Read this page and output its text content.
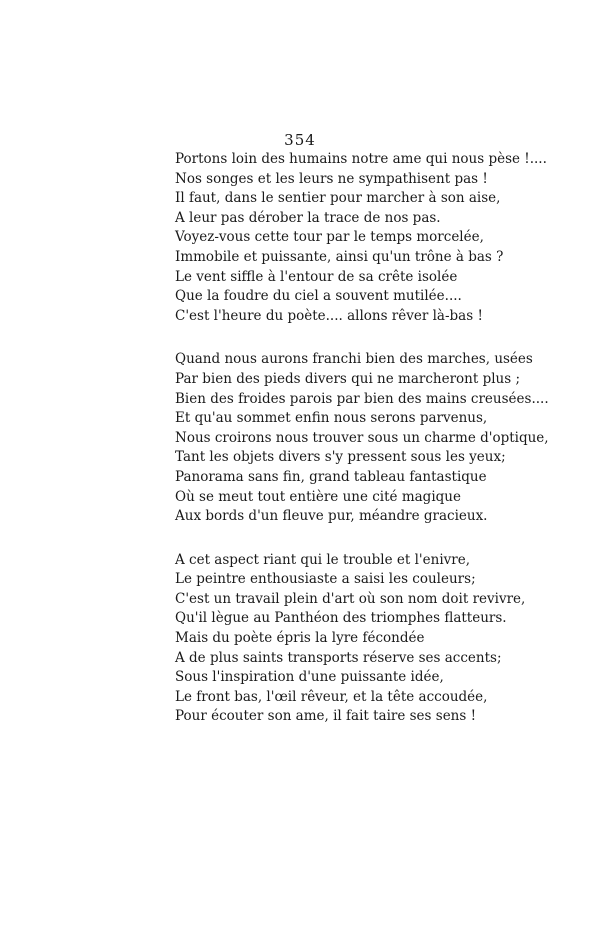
354
Portons loin des humains notre ame qui nous pèse !....
Nos songes et les leurs ne sympathisent pas !
Il faut, dans le sentier pour marcher à son aise,
A leur pas dérober la trace de nos pas.
Voyez-vous cette tour par le temps morcelée,
Immobile et puissante, ainsi qu'un trône à bas ?
Le vent siffle à l'entour de sa crête isolée
Que la foudre du ciel a souvent mutilée....
C'est l'heure du poète.... allons rêver là-bas !
Quand nous aurons franchi bien des marches, usées
Par bien des pieds divers qui ne marcheront plus ;
Bien des froides parois par bien des mains creusées....
Et qu'au sommet enfin nous serons parvenus,
Nous croirons nous trouver sous un charme d'optique,
Tant les objets divers s'y pressent sous les yeux;
Panorama sans fin, grand tableau fantastique
Où se meut tout entière une cité magique
Aux bords d'un fleuve pur, méandre gracieux.
A cet aspect riant qui le trouble et l'enivre,
Le peintre enthousiaste a saisi les couleurs;
C'est un travail plein d'art où son nom doit revivre,
Qu'il lègue au Panthéon des triomphes flatteurs.
Mais du poète épris la lyre fécondée
A de plus saints transports réserve ses accents;
Sous l'inspiration d'une puissante idée,
Le front bas, l'œil rêveur, et la tête accoudée,
Pour écouter son ame, il fait taire ses sens !
